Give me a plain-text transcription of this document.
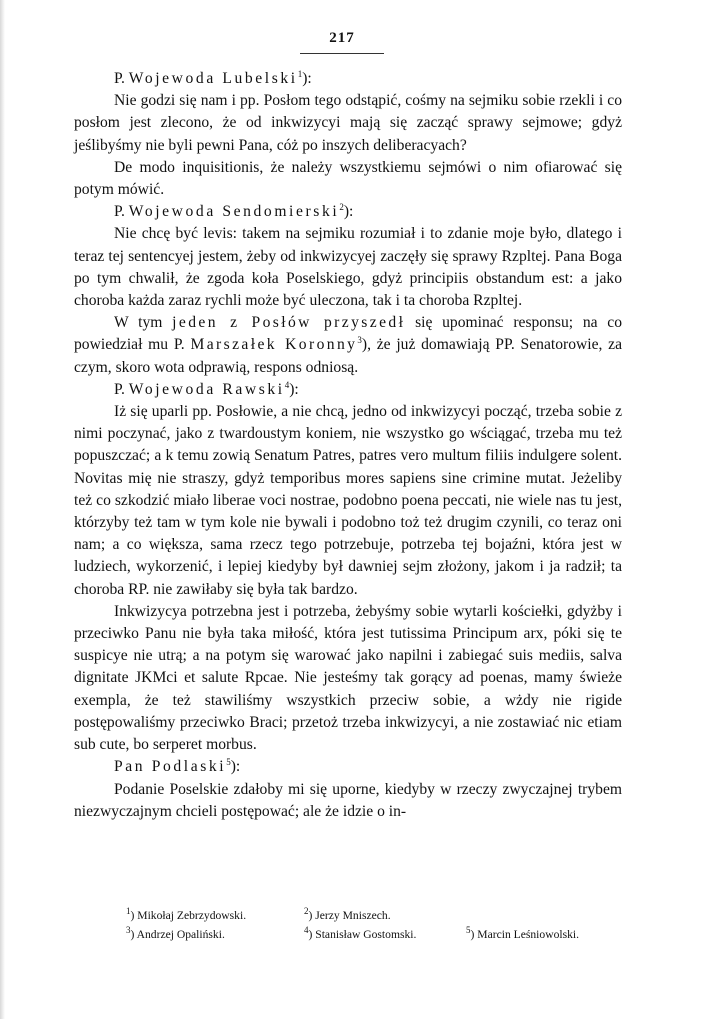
217

P. Wojewoda Lubelski$^1$):

Nie godzi się nam i pp. Posłom tego odstąpić, cośmy na sejmiku sobie rzekli i co posłom jest zlecono, że od inkwizycyi mają się zacząć sprawy sejmowe; gdyż jeślibyśmy nie byli pewni Pana, cóż po inszych deliberacyach?

De modo inquisitionis, że należy wszystkiemu sejmówi o nim ofiarować się potym mówić.

P. Wojewoda Sendomierski$^2$):

Nie chcę być levis: takem na sejmiku rozumiał i to zdanie moje było, dlatego i teraz tej sentencyej jestem, żeby od inkwizycyej zaczęły się sprawy Rzpltej. Pana Boga po tym chwalił, że zgoda koła Poselskiego, gdyż principiis obstandum est: a jako choroba każda zaraz rychli może być uleczona, tak i ta choroba Rzpltej.

W tym jeden z Posłów przyszedł się upominać responsu; na co powiedział mu P. Marszałek Koronny$^3$), że już domawiają PP. Senatorowie, za czym, skoro wota odprawią, respons odniosą.

P. Wojewoda Rawski$^4$):

Iż się uparli pp. Posłowie, a nie chcą, jedno od inkwizycyi począć, trzeba sobie z nimi poczynać, jako z twardoustym koniem, nie wszystko go wściągać, trzeba mu też popuszczać; a k temu zowią Senatum Patres, patres vero multum filiis indulgere solent. Novitas mię nie straszy, gdyż temporibus mores sapiens sine crimine mutat. Jeżeliby też co szkodzić miało liberae voci nostrae, podobno poena peccati, nie wiele nas tu jest, którzyby też tam w tym kole nie bywali i podobno toż też drugim czynili, co teraz oni nam; a co większa, sama rzecz tego potrzebuje, potrzeba tej bojaźni, która jest w ludziech, wykorzenić, i lepiej kiedyby był dawniej sejm złożony, jakom i ja radził; ta choroba RP. nie zawiłaby się była tak bardzo.

Inkwizycya potrzebna jest i potrzeba, żebyśmy sobie wytarli kościełki, gdyżby i przeciwko Panu nie była taka miłość, która jest tutissima Principum arx, póki się te suspicye nie utrą; a na potym się warować jako napilni i zabiegać suis mediis, salva dignitate JKMci et salute Rpcae. Nie jesteśmy tak gorący ad poenas, mamy świeże exempla, że też stawiliśmy wszystkich przeciw sobie, a wżdy nie rigide postępowaliśmy przeciwko Braci; przetoż trzeba inkwizycyi, a nie zostawiać nic etiam sub cute, bo serperet morbus.

Pan Podlaski$^5$):

Podanie Poselskie zdałoby mi się uporne, kiedyby w rzeczy zwyczajnej trybem niezwyczajnym chcieli postępować; ale że idzie o in-

$^1$) Mikołaj Zebrzydowski.	$^2$) Jerzy Mniszech.
$^3$) Andrzej Opaliński.	$^4$) Stanisław Gostomski.	$^5$) Marcin Leśniowolski.
